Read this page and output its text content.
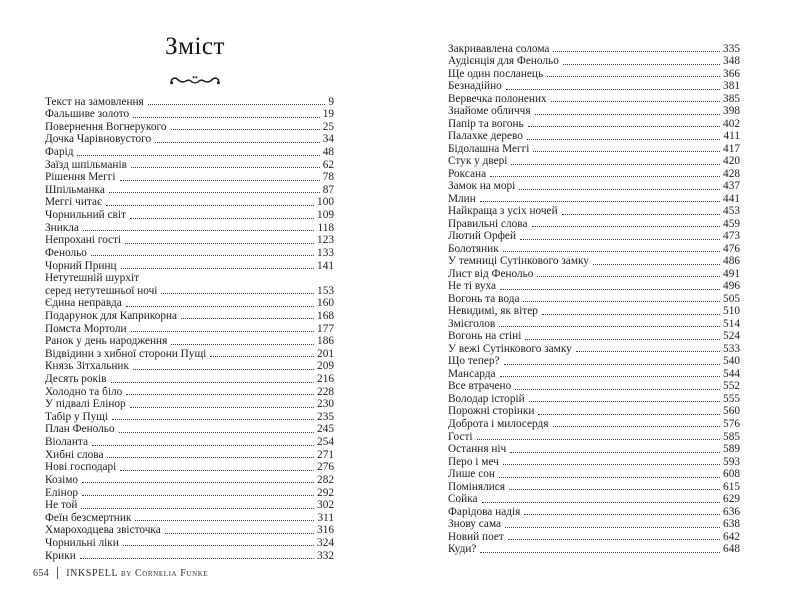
Зміст
Текст на замовлення	9
Фальшиве золото	19
Повернення Вогнерукого	25
Дочка Чарівновустого	34
Фарід	48
Заїзд шпільманів	62
Рішення Меггі	78
Шпільманка	87
Меггі читає	100
Чорнильний світ	109
Зникла	118
Непрохані гості	123
Фенольо	133
Чорний Принц	141
Нетутешній шурхіт
серед нетутешньої ночі	153
Єдина неправда	160
Подарунок для Каприкорна	168
Помста Мортоли	177
Ранок у день народження	186
Відвідини з хибної сторони Пущі	201
Князь Зітхальник	209
Десять років	216
Холодно та біло	228
У підвалі Елінор	230
Табір у Пущі	235
План Фенольо	245
Віоланта	254
Хибні слова	271
Нові господарі	276
Козімо	282
Елінор	292
Не той	302
Феїн безсмертник	311
Хмароходцева звісточка	316
Чорнильні ліки	324
Крики	332
Закривавлена солома	335
Аудієнція для Фенольо	348
Ще один посланець	366
Безнадійно	381
Вервечка полонених	385
Знайоме обличчя	398
Папір та вогонь	402
Палахке дерево	411
Бідолашна Меггі	417
Стук у двері	420
Роксана	428
Замок на морі	437
Млин	441
Найкраща з усіх ночей	453
Правильні слова	459
Лютий Орфей	473
Болотяник	476
У темниці Сутінкового замку	486
Лист від Фенольо	491
Не ті вуха	496
Вогонь та вода	505
Невидимі, як вітер	510
Змієголов	514
Вогонь на стіні	524
У вежі Сутінкового замку	533
Що тепер?	540
Мансарда	544
Все втрачено	552
Володар історій	555
Порожні сторінки	560
Доброта і милосердя	576
Гості	585
Остання ніч	589
Перо і меч	593
Лише сон	608
Помінялися	615
Сойка	629
Фарідова надія	636
Знову сама	638
Новий поет	642
Куди?	648
654 INKSPELL by Cornelia Funke
